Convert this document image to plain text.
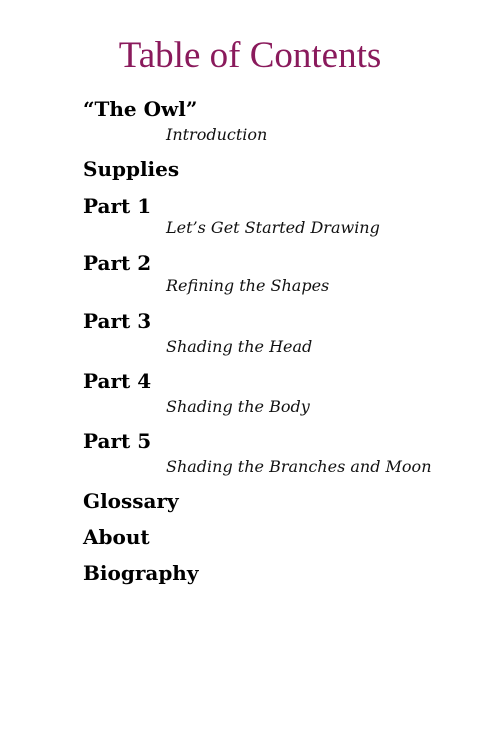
Table of Contents
“The Owl”
Introduction
Supplies
Part 1
Let’s Get Started Drawing
Part 2
Refining the Shapes
Part 3
Shading the Head
Part 4
Shading the Body
Part 5
Shading the Branches and Moon
Glossary
About
Biography
